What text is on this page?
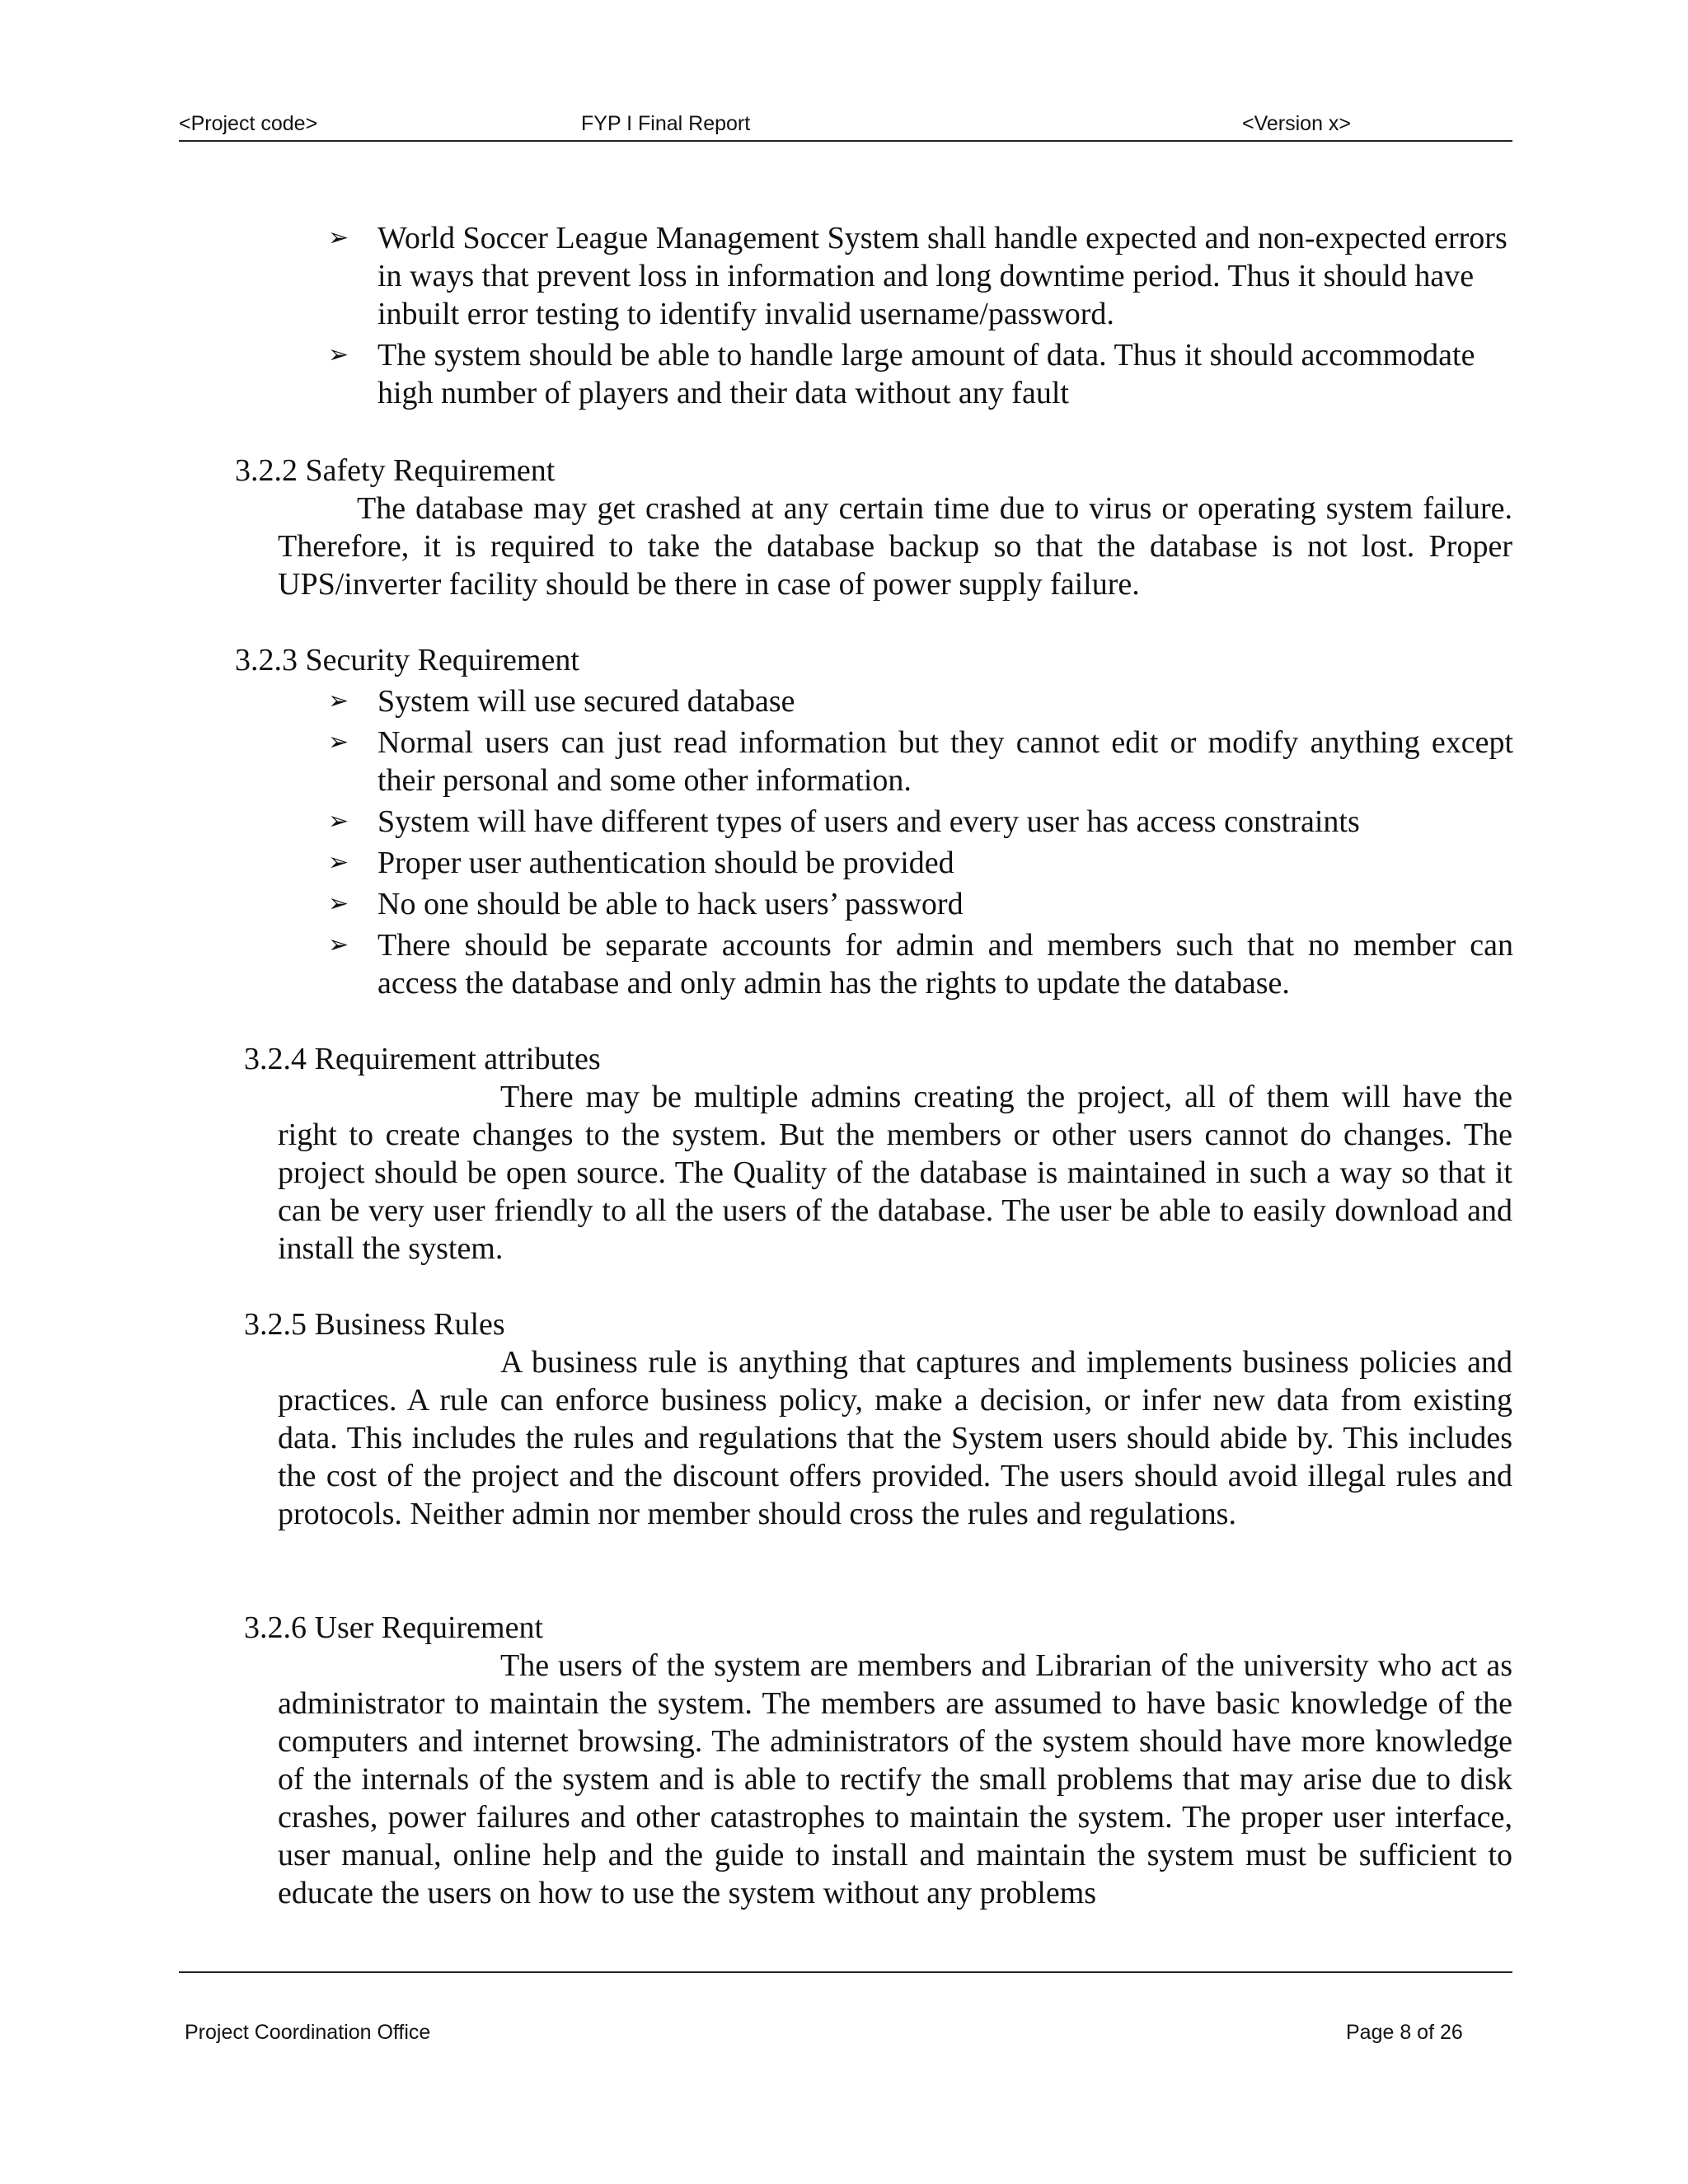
<Project code>	FYP I Final Report	<Version x>
➢ World Soccer League Management System shall handle expected and non-expected errors in ways that prevent loss in information and long downtime period. Thus it should have inbuilt error testing to identify invalid username/password.
➢ The system should be able to handle large amount of data. Thus it should accommodate high number of players and their data without any fault
3.2.2 Safety Requirement

The database may get crashed at any certain time due to virus or operating system failure. Therefore, it is required to take the database backup so that the database is not lost. Proper UPS/inverter facility should be there in case of power supply failure.

3.2.3 Security Requirement
➢ System will use secured database
➢ Normal users can just read information but they cannot edit or modify anything except their personal and some other information.
➢ System will have different types of users and every user has access constraints
➢ Proper user authentication should be provided
➢ No one should be able to hack users’ password
➢ There should be separate accounts for admin and members such that no member can access the database and only admin has the rights to update the database.
3.2.4 Requirement attributes

There may be multiple admins creating the project, all of them will have the right to create changes to the system. But the members or other users cannot do changes. The project should be open source. The Quality of the database is maintained in such a way so that it can be very user friendly to all the users of the database. The user be able to easily download and install the system.

3.2.5 Business Rules

A business rule is anything that captures and implements business policies and practices. A rule can enforce business policy, make a decision, or infer new data from existing data. This includes the rules and regulations that the System users should abide by. This includes the cost of the project and the discount offers provided. The users should avoid illegal rules and protocols. Neither admin nor member should cross the rules and regulations.

3.2.6 User Requirement

The users of the system are members and Librarian of the university who act as administrator to maintain the system. The members are assumed to have basic knowledge of the computers and internet browsing. The administrators of the system should have more knowledge of the internals of the system and is able to rectify the small problems that may arise due to disk crashes, power failures and other catastrophes to maintain the system. The proper user interface, user manual, online help and the guide to install and maintain the system must be sufficient to educate the users on how to use the system without any problems

Project Coordination Office	Page 8 of 26
